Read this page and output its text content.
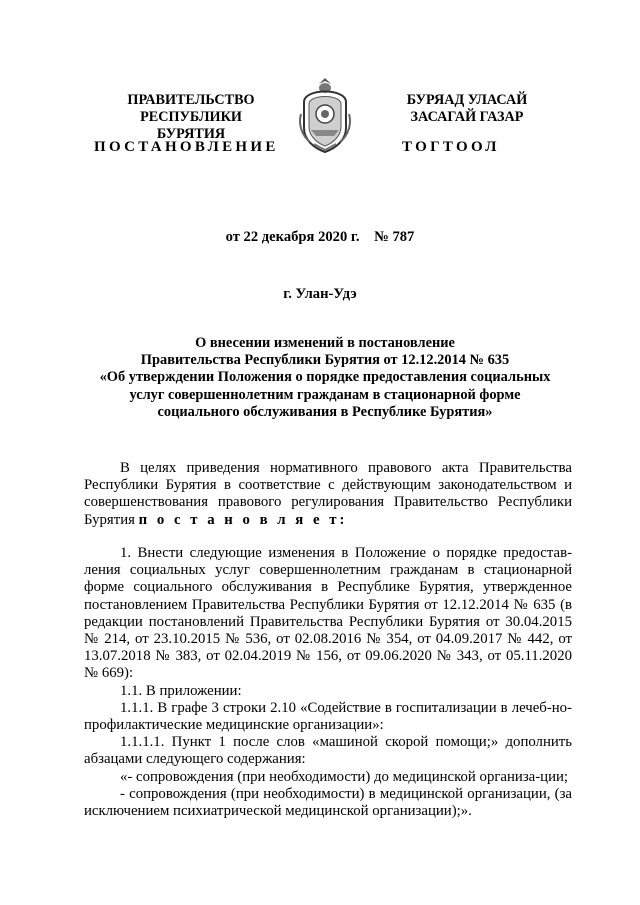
ПРАВИТЕЛЬСТВО
РЕСПУБЛИКИ БУРЯТИЯ
БУРЯАД УЛАСАЙ
ЗАСАГАЙ ГАЗАР
ПОСТАНОВЛЕНИЕ	ТОГТООЛ
от 22 декабря 2020 г.    № 787
г. Улан-Удэ
О внесении изменений в постановление
Правительства Республики Бурятия от 12.12.2014 № 635
«Об утверждении Положения о порядке предоставления социальных
услуг совершеннолетним гражданам в стационарной форме
социального обслуживания в Республике Бурятия»

В целях приведения нормативного правового акта Правительства Республики Бурятия в соответствие с действующим законодательством и совершенствования правового регулирования Правительство Республики Бурятия п о с т а н о в л я е т:

1. Внести следующие изменения в Положение о порядке предостав-ления социальных услуг совершеннолетним гражданам в стационарной форме социального обслуживания в Республике Бурятия, утвержденное постановлением Правительства Республики Бурятия от 12.12.2014 № 635 (в редакции постановлений Правительства Республики Бурятия от 30.04.2015 № 214, от 23.10.2015 № 536, от 02.08.2016 № 354, от 04.09.2017 № 442, от 13.07.2018 № 383, от 02.04.2019 № 156, от 09.06.2020 № 343, от 05.11.2020 № 669):

1.1. В приложении:

1.1.1. В графе 3 строки 2.10 «Содействие в госпитализации в лечеб-но-профилактические медицинские организации»:

1.1.1.1. Пункт 1 после слов «машиной скорой помощи;» дополнить абзацами следующего содержания:

«- сопровождения (при необходимости) до медицинской организа-ции;

- сопровождения (при необходимости) в медицинской организации, (за исключением психиатрической медицинской организации);».
